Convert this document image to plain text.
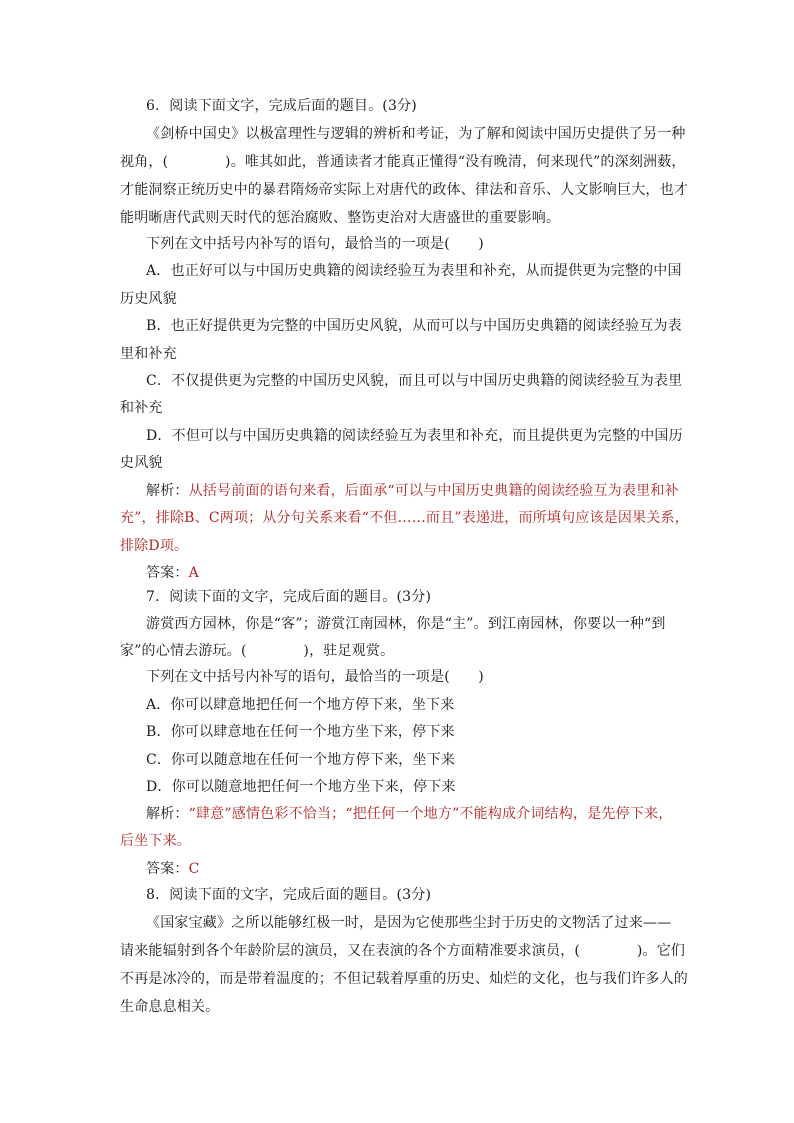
6．阅读下面文字，完成后面的题目。(3分)
《剑桥中国史》以极富理性与逻辑的辨析和考证，为了解和阅读中国历史提供了另一种
视角，(　　　　)。唯其如此，普通读者才能真正懂得“没有晚清，何来现代”的深刻洲薮，
才能洞察正统历史中的暴君隋炀帝实际上对唐代的政体、律法和音乐、人文影响巨大，也才
能明晰唐代武则天时代的惩治腐败、整饬吏治对大唐盛世的重要影响。
下列在文中括号内补写的语句，最恰当的一项是(　　)
A．也正好可以与中国历史典籍的阅读经验互为表里和补充，从而提供更为完整的中国
历史风貌
B．也正好提供更为完整的中国历史风貌，从而可以与中国历史典籍的阅读经验互为表
里和补充
C．不仅提供更为完整的中国历史风貌，而且可以与中国历史典籍的阅读经验互为表里
和补充
D．不但可以与中国历史典籍的阅读经验互为表里和补充，而且提供更为完整的中国历
史风貌
解析：从括号前面的语句来看，后面承“可以与中国历史典籍的阅读经验互为表里和补
充”，排除B、C两项；从分句关系来看“不但……而且”表递进，而所填句应该是因果关系，
排除D项。
答案：A
7．阅读下面的文字，完成后面的题目。(3分)
游赏西方园林，你是“客”；游赏江南园林，你是“主”。到江南园林，你要以一种“到
家”的心情去游玩。(　　　　)，驻足观赏。
下列在文中括号内补写的语句，最恰当的一项是(　　)
A．你可以肆意地把任何一个地方停下来，坐下来
B．你可以肆意地在任何一个地方坐下来，停下来
C．你可以随意地在任何一个地方停下来，坐下来
D．你可以随意地把任何一个地方坐下来，停下来
解析：“肆意”感情色彩不恰当；“把任何一个地方”不能构成介词结构，是先停下来，
后坐下来。
答案：C
8．阅读下面的文字，完成后面的题目。(3分)
《国家宝藏》之所以能够红极一时，是因为它使那些尘封于历史的文物活了过来——
请来能辐射到各个年龄阶层的演员，又在表演的各个方面精准要求演员，(　　　　)。它们
不再是冰冷的，而是带着温度的；不但记载着厚重的历史、灿烂的文化，也与我们许多人的
生命息息相关。
